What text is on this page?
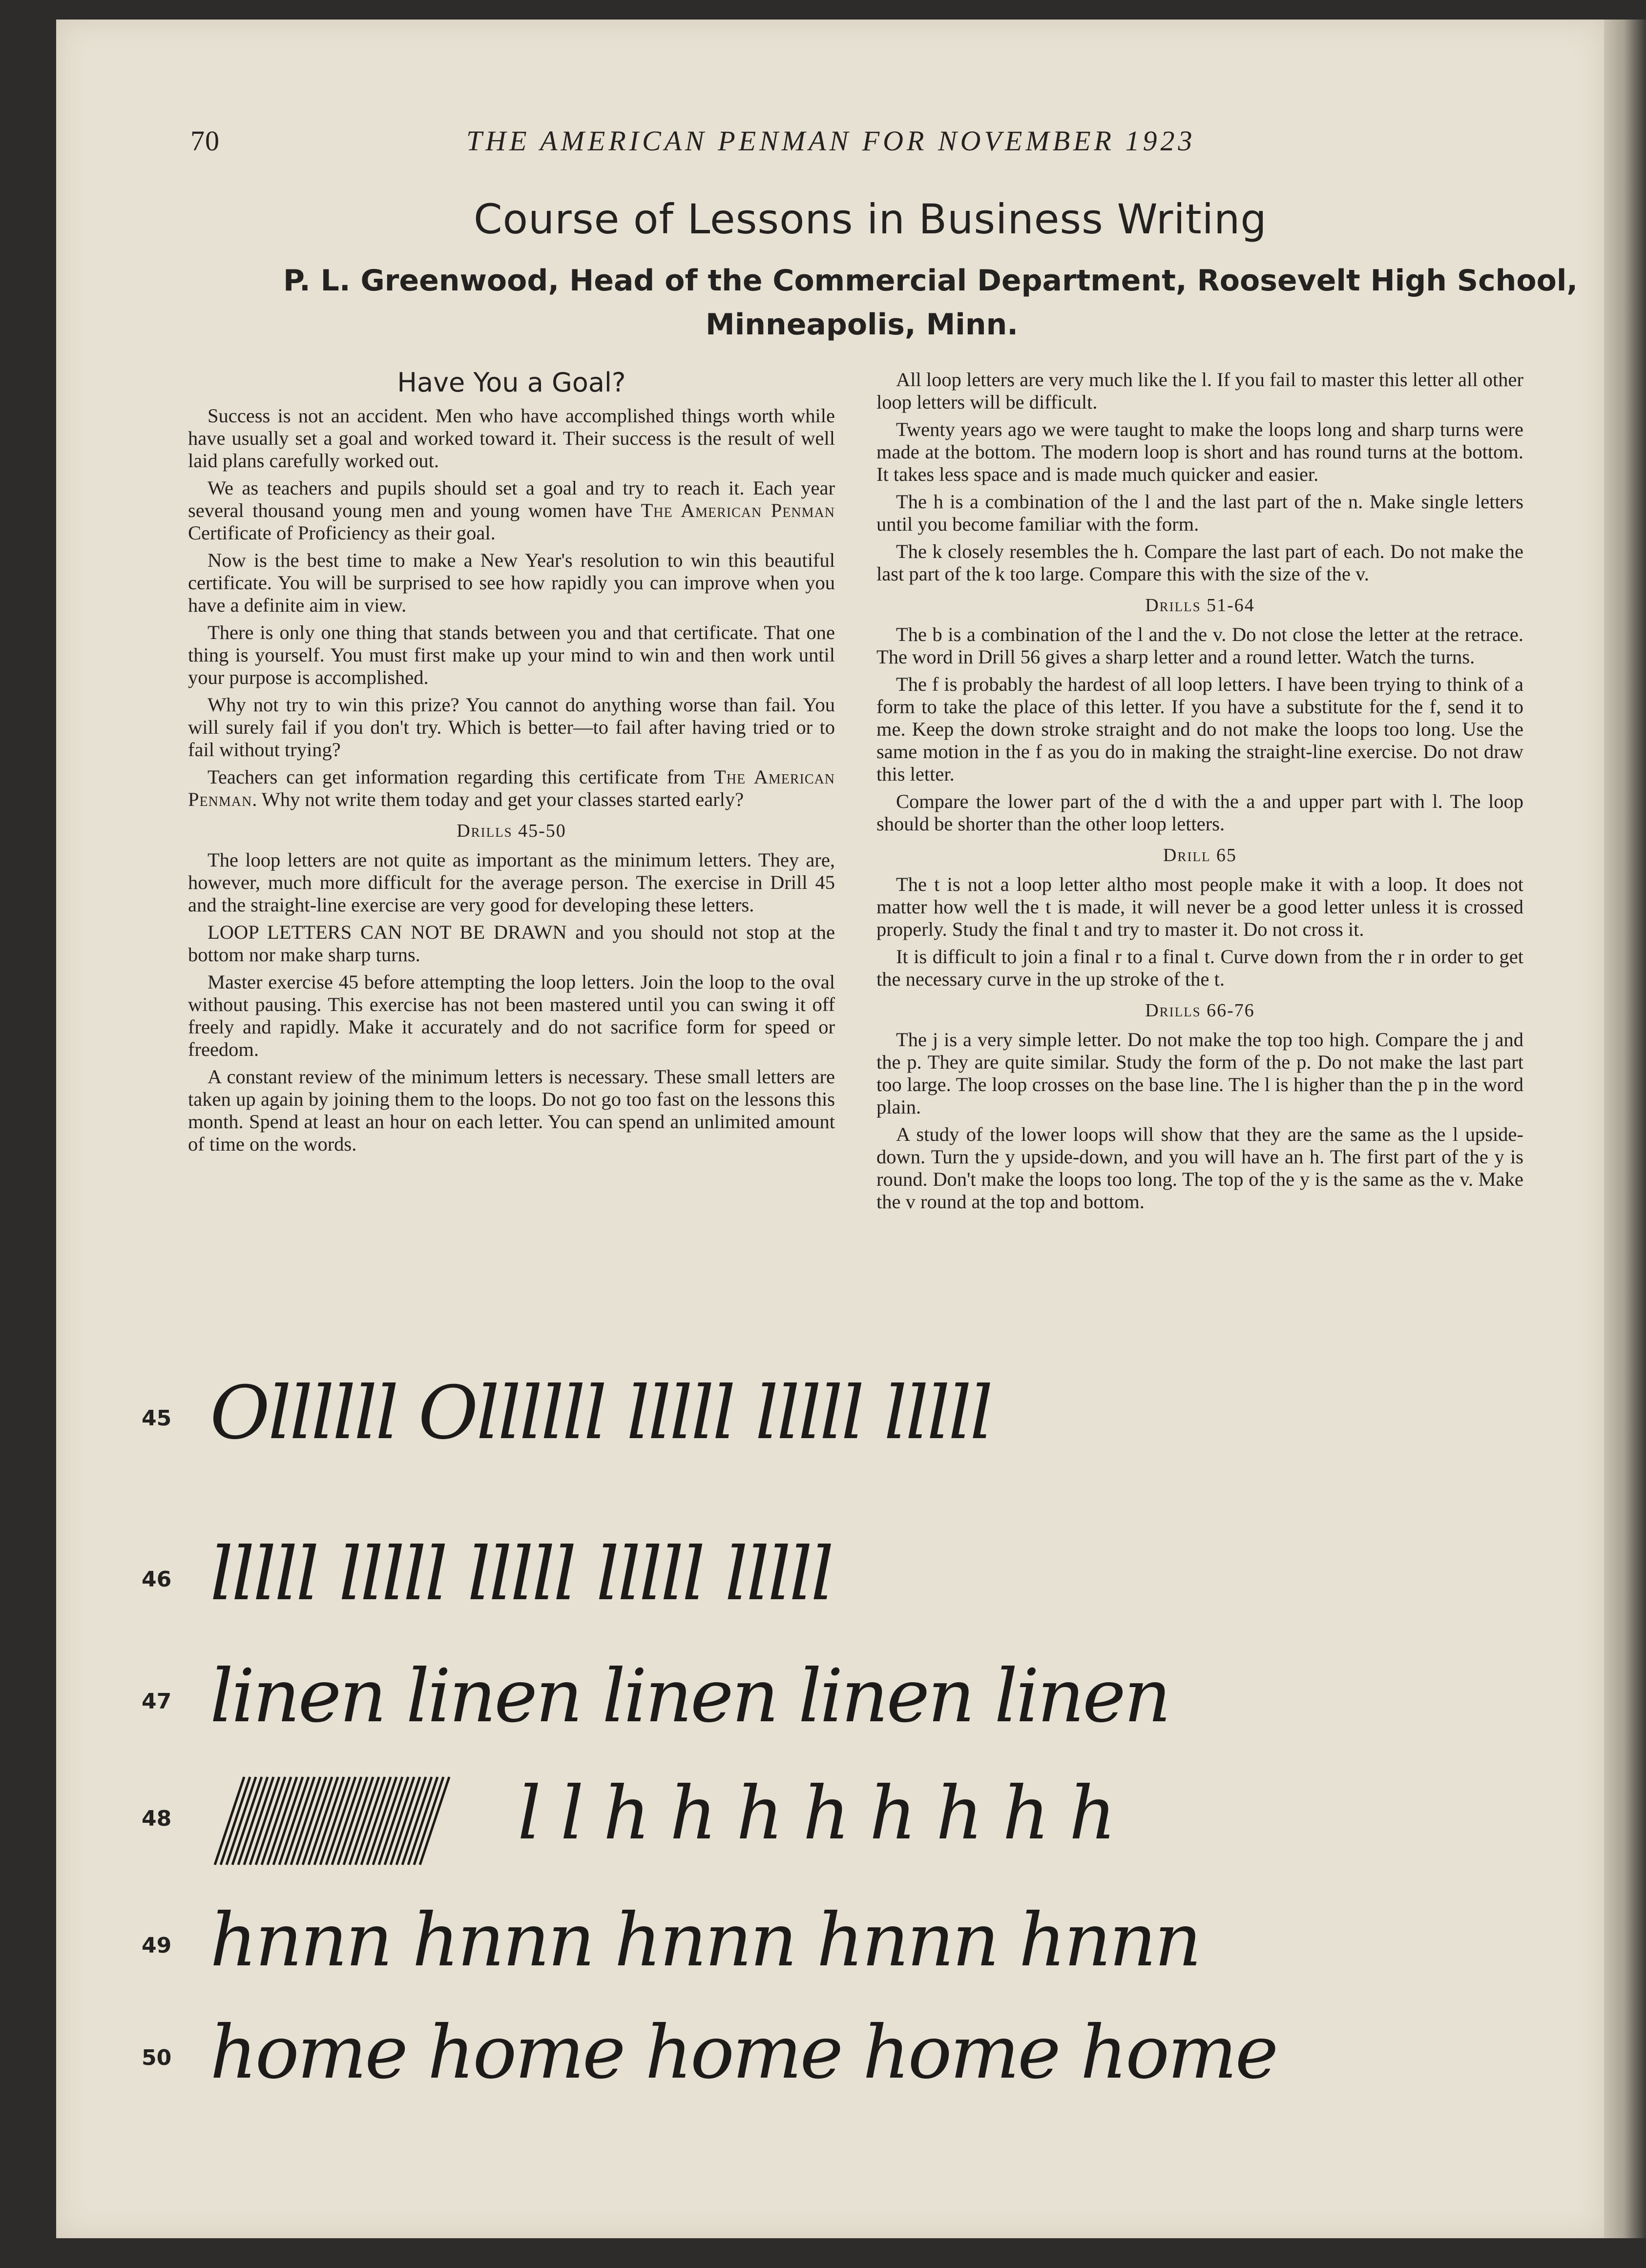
70	THE AMERICAN PENMAN FOR NOVEMBER 1923
Course of Lessons in Business Writing
P. L. Greenwood, Head of the Commercial Department, Roosevelt High School,
Minneapolis, Minn.
Have You a Goal?

Success is not an accident. Men who have accomplished things worth while have usually set a goal and worked toward it. Their success is the result of well laid plans carefully worked out.

We as teachers and pupils should set a goal and try to reach it. Each year several thousand young men and young women have The American Penman Certificate of Proficiency as their goal.

Now is the best time to make a New Year's resolution to win this beautiful certificate. You will be surprised to see how rapidly you can improve when you have a definite aim in view.

There is only one thing that stands between you and that certificate. That one thing is yourself. You must first make up your mind to win and then work until your purpose is accomplished.

Why not try to win this prize? You cannot do anything worse than fail. You will surely fail if you don't try. Which is better—to fail after having tried or to fail without trying?

Teachers can get information regarding this certificate from The American Penman. Why not write them today and get your classes started early?

Drills 45-50

The loop letters are not quite as important as the minimum letters. They are, however, much more difficult for the average person. The exercise in Drill 45 and the straight-line exercise are very good for developing these letters.

LOOP LETTERS CAN NOT BE DRAWN and you should not stop at the bottom nor make sharp turns.

Master exercise 45 before attempting the loop letters. Join the loop to the oval without pausing. This exercise has not been mastered until you can swing it off freely and rapidly. Make it accurately and do not sacrifice form for speed or freedom.

A constant review of the minimum letters is necessary. These small letters are taken up again by joining them to the loops. Do not go too fast on the lessons this month. Spend at least an hour on each letter. You can spend an unlimited amount of time on the words.

All loop letters are very much like the l. If you fail to master this letter all other loop letters will be difficult.

Twenty years ago we were taught to make the loops long and sharp turns were made at the bottom. The modern loop is short and has round turns at the bottom. It takes less space and is made much quicker and easier.

The h is a combination of the l and the last part of the n. Make single letters until you become familiar with the form.

The k closely resembles the h. Compare the last part of each. Do not make the last part of the k too large. Compare this with the size of the v.

Drills 51-64

The b is a combination of the l and the v. Do not close the letter at the retrace. The word in Drill 56 gives a sharp letter and a round letter. Watch the turns.

The f is probably the hardest of all loop letters. I have been trying to think of a form to take the place of this letter. If you have a substitute for the f, send it to me. Keep the down stroke straight and do not make the loops too long. Use the same motion in the f as you do in making the straight-line exercise. Do not draw this letter.

Compare the lower part of the d with the a and upper part with l. The loop should be shorter than the other loop letters.

Drill 65

The t is not a loop letter altho most people make it with a loop. It does not matter how well the t is made, it will never be a good letter unless it is crossed properly. Study the final t and try to master it. Do not cross it.

It is difficult to join a final r to a final t. Curve down from the r in order to get the necessary curve in the up stroke of the t.

Drills 66-76

The j is a very simple letter. Do not make the top too high. Compare the j and the p. They are quite similar. Study the form of the p. Do not make the last part too large. The loop crosses on the base line. The l is higher than the p in the word plain.

A study of the lower loops will show that they are the same as the l upside-down. Turn the y upside-down, and you will have an h. The first part of the y is round. Don't make the loops too long. The top of the y is the same as the v. Make the v round at the top and bottom.

45 Ollllll Ollllll lllll lllll lllll
46 lllll lllll lllll lllll lllll
47 linen linen linen linen linen
48	l l h h h h h h h h
49 hnnn hnnn hnnn hnnn hnnn
50 home home home home home
